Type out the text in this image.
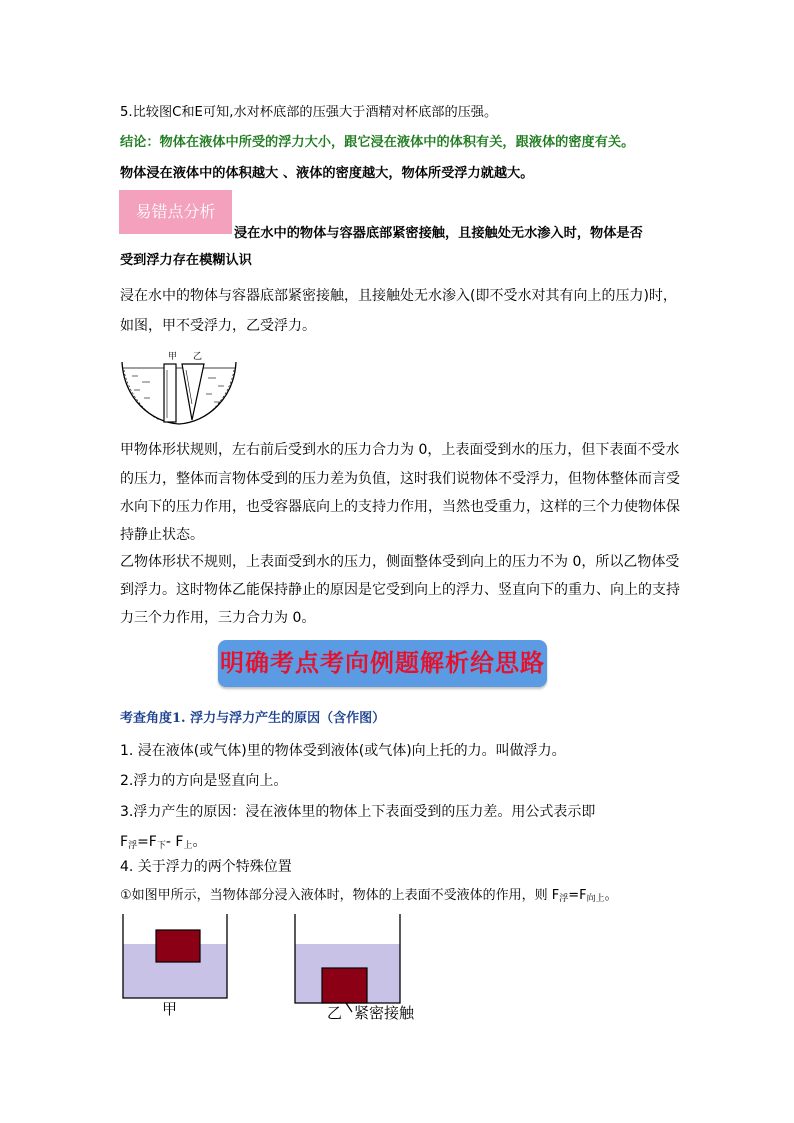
5.比较图C和E可知,水对杯底部的压强大于酒精对杯底部的压强。
结论：物体在液体中所受的浮力大小，跟它浸在液体中的体积有关，跟液体的密度有关。
物体浸在液体中的体积越大 、液体的密度越大，物体所受浮力就越大。
易错点分析
浸在水中的物体与容器底部紧密接触，且接触处无水渗入时，物体是否
受到浮力存在模糊认识
浸在水中的物体与容器底部紧密接触，且接触处无水渗入(即不受水对其有向上的压力)时，
如图，甲不受浮力，乙受浮力。
甲 乙
甲物体形状规则，左右前后受到水的压力合力为 0，上表面受到水的压力，但下表面不受水
的压力，整体而言物体受到的压力差为负值，这时我们说物体不受浮力，但物体整体而言受
水向下的压力作用，也受容器底向上的支持力作用，当然也受重力，这样的三个力使物体保
持静止状态。
乙物体形状不规则，上表面受到水的压力，侧面整体受到向上的压力不为 0，所以乙物体受
到浮力。这时物体乙能保持静止的原因是它受到向上的浮力、竖直向下的重力、向上的支持
力三个力作用，三力合力为 0。
明确考点考向例题解析给思路
考查角度1. 浮力与浮力产生的原因（含作图）
1. 浸在液体(或气体)里的物体受到液体(或气体)向上托的力。叫做浮力。
2.浮力的方向是竖直向上。
3.浮力产生的原因：浸在液体里的物体上下表面受到的压力差。用公式表示即
$F_浮=F_下-$ $F_上$。
4. 关于浮力的两个特殊位置
①如图甲所示，当物体部分浸入液体时，物体的上表面不受液体的作用，则 $F_浮=F_{向上}$。
甲	乙 紧密接触
